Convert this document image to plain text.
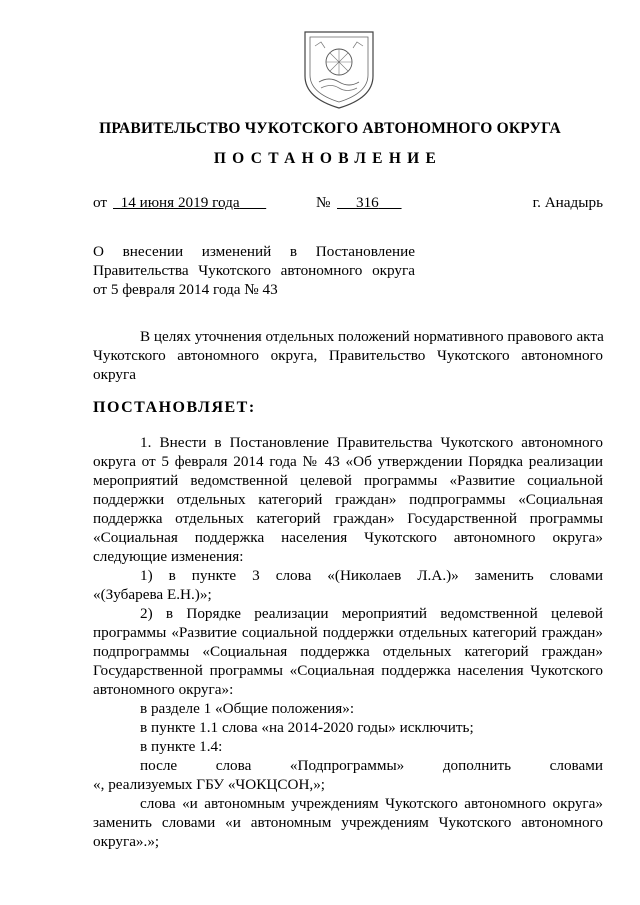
ПРАВИТЕЛЬСТВО ЧУКОТСКОГО АВТОНОМНОГО ОКРУГА
ПОСТАНОВЛЕНИЕ
от 14 июня 2019 года	№	316	г. Анадырь
О внесении изменений в Постановление
Правительства Чукотского автономного округа
от 5 февраля 2014 года № 43
В целях уточнения отдельных положений нормативного правового акта
Чукотского автономного округа, Правительство Чукотского автономного
округа
ПОСТАНОВЛЯЕТ:
1. Внести в Постановление Правительства Чукотского автономного
округа от 5 февраля 2014 года № 43 «Об утверждении Порядка реализации
мероприятий ведомственной целевой программы «Развитие социальной
поддержки отдельных категорий граждан» подпрограммы «Социальная
поддержка отдельных категорий граждан» Государственной программы
«Социальная поддержка населения Чукотского автономного округа»
следующие изменения:
1) в пункте 3 слова «(Николаев Л.А.)» заменить словами
«(Зубарева Е.Н.)»;
2) в Порядке реализации мероприятий ведомственной целевой
программы «Развитие социальной поддержки отдельных категорий граждан»
подпрограммы «Социальная поддержка отдельных категорий граждан»
Государственной программы «Социальная поддержка населения Чукотского
автономного округа»:
в разделе 1 «Общие положения»:
в пункте 1.1 слова «на 2014-2020 годы» исключить;
в пункте 1.4:
после слова «Подпрограммы» дополнить словами
«, реализуемых ГБУ «ЧОКЦСОН,»;
слова «и автономным учреждениям Чукотского автономного округа»
заменить словами «и автономным учреждениям Чукотского автономного
округа».»;
